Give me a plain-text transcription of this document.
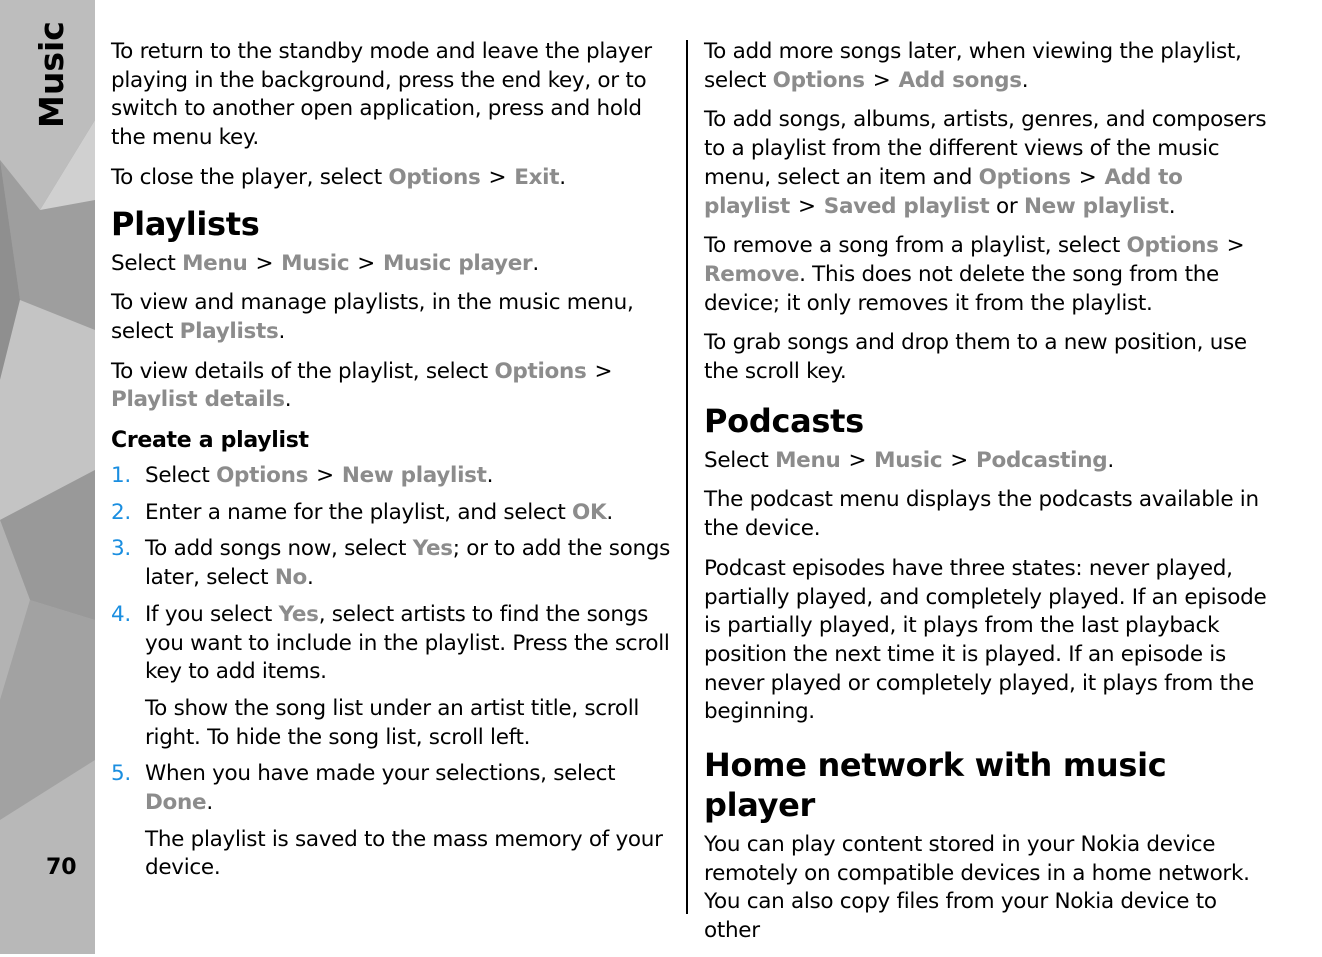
Music
70

To return to the standby mode and leave the player playing in the background, press the end key, or to switch to another open application, press and hold the menu key.

To close the player, select Options > Exit.

Playlists

Select Menu > Music > Music player.

To view and manage playlists, in the music menu, select Playlists.

To view details of the playlist, select Options >Playlist details.

Create a playlist
1. Select Options > New playlist.
2. Enter a name for the playlist, and select OK.
3. To add songs now, select Yes; or to add the songs later, select No.
4. If you select Yes, select artists to find the songs you want to include in the playlist. Press the scroll key to add items.

To show the song list under an artist title, scroll right. To hide the song list, scroll left.

5. When you have made your selections, select Done.

The playlist is saved to the mass memory of your device.

To add more songs later, when viewing the playlist, select Options > Add songs.

To add songs, albums, artists, genres, and composers to a playlist from the different views of the music menu, select an item and Options > Add to playlist > Saved playlist or New playlist.

To remove a song from a playlist, select Options >Remove. This does not delete the song from the device; it only removes it from the playlist.

To grab songs and drop them to a new position, use the scroll key.

Podcasts

Select Menu > Music > Podcasting.

The podcast menu displays the podcasts available in the device.

Podcast episodes have three states: never played, partially played, and completely played. If an episode is partially played, it plays from the last playback position the next time it is played. If an episode is never played or completely played, it plays from the beginning.

Home network with music player

You can play content stored in your Nokia device remotely on compatible devices in a home network. You can also copy files from your Nokia device to other
